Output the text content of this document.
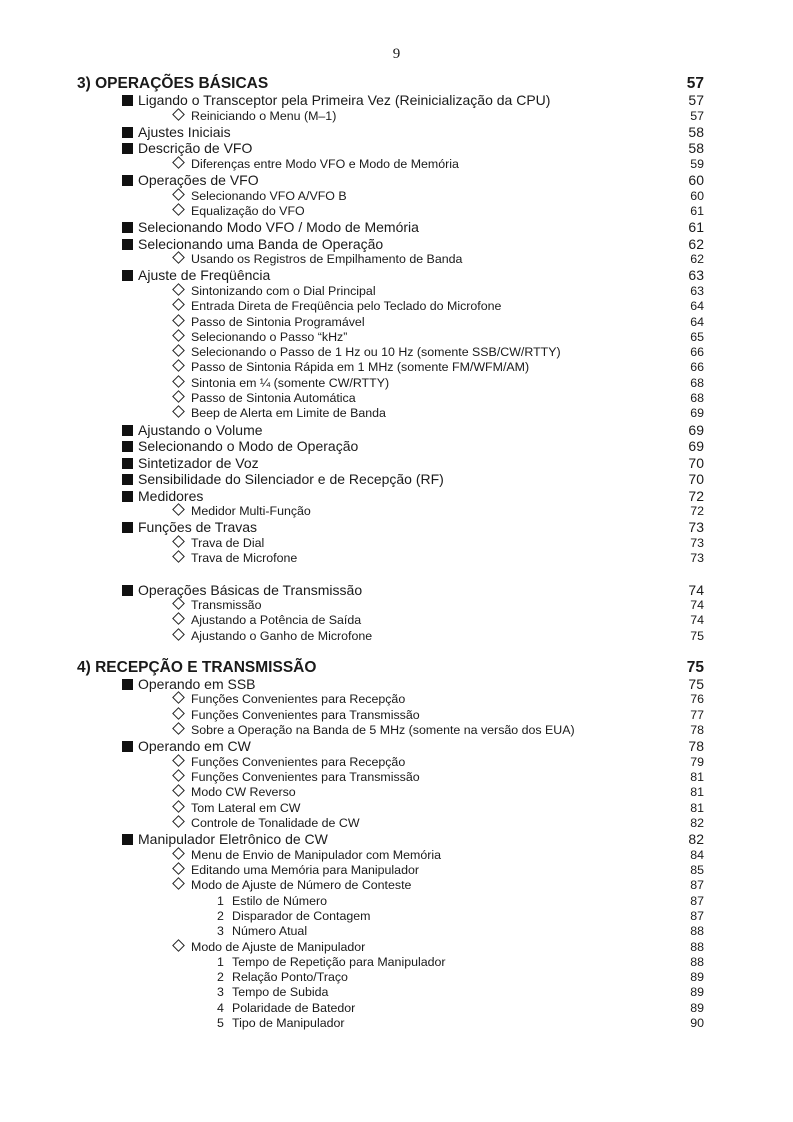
9
3) OPERAÇÕES BÁSICAS	57
Ligando o Transceptor pela Primeira Vez (Reinicialização da CPU)	57
Reiniciando o Menu (M–1)	57
Ajustes Iniciais	58
Descrição de VFO	58
Diferenças entre Modo VFO e Modo de Memória	59
Operações de VFO	60
Selecionando VFO A/VFO B	60
Equalização do VFO	61
Selecionando Modo VFO / Modo de Memória	61
Selecionando uma Banda de Operação	62
Usando os Registros de Empilhamento de Banda	62
Ajuste de Freqüência	63
Sintonizando com o Dial Principal	63
Entrada Direta de Freqüência pelo Teclado do Microfone	64
Passo de Sintonia Programável	64
Selecionando o Passo “kHz”	65
Selecionando o Passo de 1 Hz ou 10 Hz (somente SSB/CW/RTTY)	66
Passo de Sintonia Rápida em 1 MHz (somente FM/WFM/AM)	66
Sintonia em ¼ (somente CW/RTTY)	68
Passo de Sintonia Automática	68
Beep de Alerta em Limite de Banda	69
Ajustando o Volume	69
Selecionando o Modo de Operação	69
Sintetizador de Voz	70
Sensibilidade do Silenciador e de Recepção (RF)	70
Medidores	72
Medidor Multi-Função	72
Funções de Travas	73
Trava de Dial	73
Trava de Microfone	73
Operações Básicas de Transmissão	74
Transmissão	74
Ajustando a Potência de Saída	74
Ajustando o Ganho de Microfone	75
4) RECEPÇÃO E TRANSMISSÃO	75
Operando em SSB	75
Funções Convenientes para Recepção	76
Funções Convenientes para Transmissão	77
Sobre a Operação na Banda de 5 MHz (somente na versão dos EUA)	78
Operando em CW	78
Funções Convenientes para Recepção	79
Funções Convenientes para Transmissão	81
Modo CW Reverso	81
Tom Lateral em CW	81
Controle de Tonalidade de CW	82
Manipulador Eletrônico de CW	82
Menu de Envio de Manipulador com Memória	84
Editando uma Memória para Manipulador	85
Modo de Ajuste de Número de Conteste	87
1 Estilo de Número	87
2 Disparador de Contagem	87
3 Número Atual	88
Modo de Ajuste de Manipulador	88
1 Tempo de Repetição para Manipulador	88
2 Relação Ponto/Traço	89
3 Tempo de Subida	89
4 Polaridade de Batedor	89
5 Tipo de Manipulador	90
